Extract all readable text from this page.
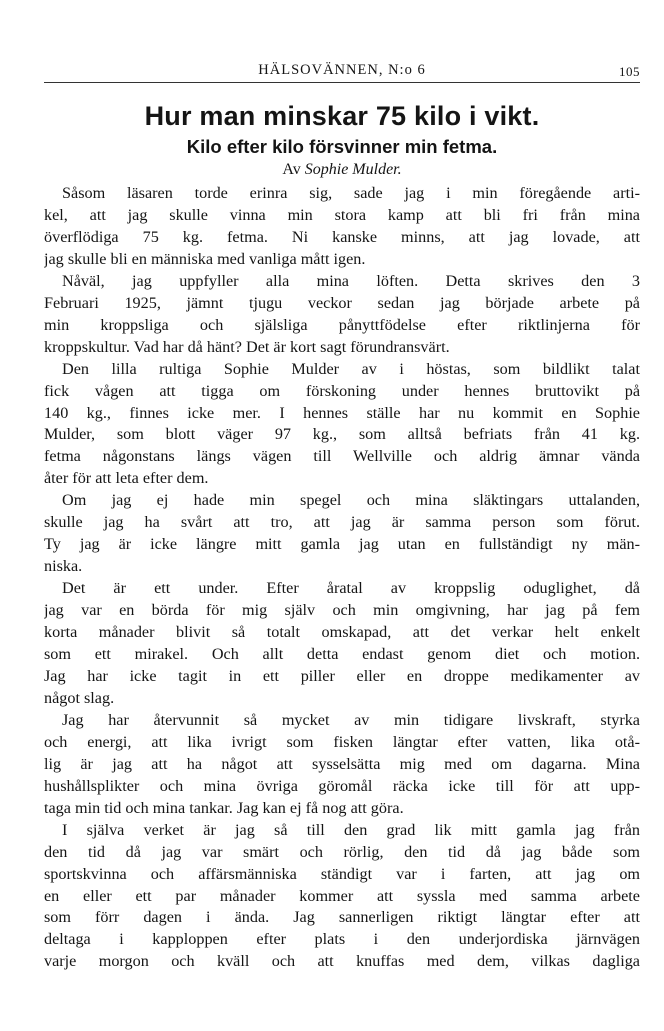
HÄLSOVÄNNEN, N:o 6	105
Hur man minskar 75 kilo i vikt.
Kilo efter kilo försvinner min fetma.

Av Sophie Mulder.

Såsom läsaren torde erinra sig, sade jag i min föregående arti-
kel, att jag skulle vinna min stora kamp att bli fri från mina
överflödiga 75 kg. fetma. Ni kanske minns, att jag lovade, att
jag skulle bli en människa med vanliga mått igen.
Nåväl, jag uppfyller alla mina löften. Detta skrives den 3
Februari 1925, jämnt tjugu veckor sedan jag började arbete på
min kroppsliga och själsliga pånyttfödelse efter riktlinjerna för
kroppskultur. Vad har då hänt? Det är kort sagt förundransvärt.
Den lilla rultiga Sophie Mulder av i höstas, som bildlikt talat
fick vågen att tigga om förskoning under hennes bruttovikt på
140 kg., finnes icke mer. I hennes ställe har nu kommit en Sophie
Mulder, som blott väger 97 kg., som alltså befriats från 41 kg.
fetma någonstans längs vägen till Wellville och aldrig ämnar vända
åter för att leta efter dem.
Om jag ej hade min spegel och mina släktingars uttalanden,
skulle jag ha svårt att tro, att jag är samma person som förut.
Ty jag är icke längre mitt gamla jag utan en fullständigt ny män-
niska.
Det är ett under. Efter åratal av kroppslig oduglighet, då
jag var en börda för mig själv och min omgivning, har jag på fem
korta månader blivit så totalt omskapad, att det verkar helt enkelt
som ett mirakel. Och allt detta endast genom diet och motion.
Jag har icke tagit in ett piller eller en droppe medikamenter av
något slag.
Jag har återvunnit så mycket av min tidigare livskraft, styrka
och energi, att lika ivrigt som fisken längtar efter vatten, lika otå-
lig är jag att ha något att sysselsätta mig med om dagarna. Mina
hushållsplikter och mina övriga göromål räcka icke till för att upp-
taga min tid och mina tankar. Jag kan ej få nog att göra.
I själva verket är jag så till den grad lik mitt gamla jag från
den tid då jag var smärt och rörlig, den tid då jag både som
sportskvinna och affärsmänniska ständigt var i farten, att jag om
en eller ett par månader kommer att syssla med samma arbete
som förr dagen i ända. Jag sannerligen riktigt längtar efter att
deltaga i kapploppen efter plats i den underjordiska järnvägen
varje morgon och kväll och att knuffas med dem, vilkas dagliga
